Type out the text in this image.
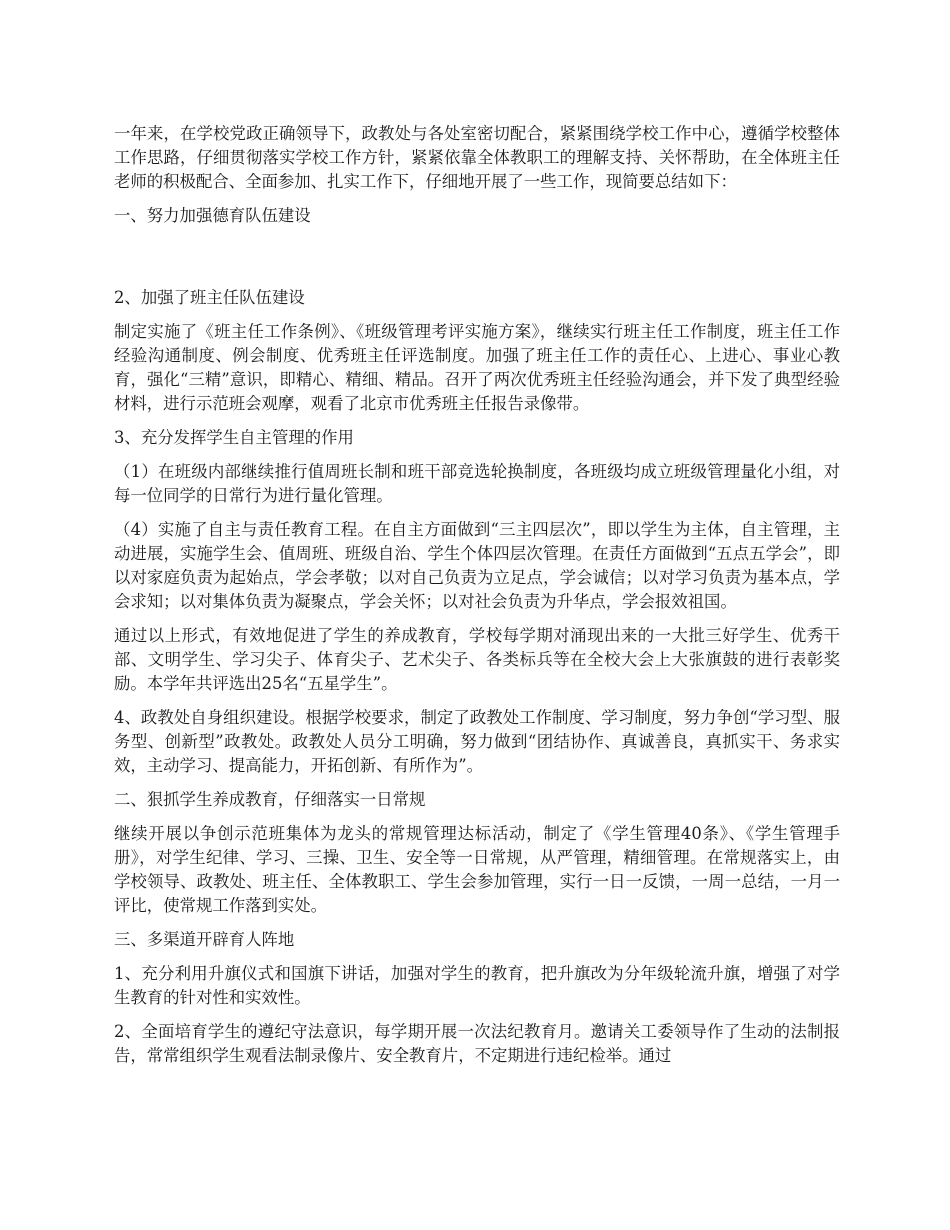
一年来，在学校党政正确领导下，政教处与各处室密切配合，紧紧围绕学校工作中心，遵循学校整体工作思路，仔细贯彻落实学校工作方针，紧紧依靠全体教职工的理解支持、关怀帮助，在全体班主任老师的积极配合、全面参加、扎实工作下，仔细地开展了一些工作，现简要总结如下：

一、努力加强德育队伍建设

2、加强了班主任队伍建设

制定实施了《班主任工作条例》、《班级管理考评实施方案》，继续实行班主任工作制度，班主任工作经验沟通制度、例会制度、优秀班主任评选制度。加强了班主任工作的责任心、上进心、事业心教育，强化“三精”意识，即精心、精细、精品。召开了两次优秀班主任经验沟通会，并下发了典型经验材料，进行示范班会观摩，观看了北京市优秀班主任报告录像带。

3、充分发挥学生自主管理的作用

（1）在班级内部继续推行值周班长制和班干部竞选轮换制度，各班级均成立班级管理量化小组，对每一位同学的日常行为进行量化管理。

（4）实施了自主与责任教育工程。在自主方面做到“三主四层次”，即以学生为主体，自主管理，主动进展，实施学生会、值周班、班级自治、学生个体四层次管理。在责任方面做到“五点五学会”，即以对家庭负责为起始点，学会孝敬；以对自己负责为立足点，学会诚信；以对学习负责为基本点，学会求知；以对集体负责为凝聚点，学会关怀；以对社会负责为升华点，学会报效祖国。

通过以上形式，有效地促进了学生的养成教育，学校每学期对涌现出来的一大批三好学生、优秀干部、文明学生、学习尖子、体育尖子、艺术尖子、各类标兵等在全校大会上大张旗鼓的进行表彰奖励。本学年共评选出25名“五星学生”。

4、政教处自身组织建设。根据学校要求，制定了政教处工作制度、学习制度，努力争创“学习型、服务型、创新型”政教处。政教处人员分工明确，努力做到“团结协作、真诚善良，真抓实干、务求实效，主动学习、提高能力，开拓创新、有所作为”。

二、狠抓学生养成教育，仔细落实一日常规

继续开展以争创示范班集体为龙头的常规管理达标活动，制定了《学生管理40条》、《学生管理手册》，对学生纪律、学习、三操、卫生、安全等一日常规，从严管理，精细管理。在常规落实上，由学校领导、政教处、班主任、全体教职工、学生会参加管理，实行一日一反馈，一周一总结，一月一评比，使常规工作落到实处。

三、多渠道开辟育人阵地

1、充分利用升旗仪式和国旗下讲话，加强对学生的教育，把升旗改为分年级轮流升旗，增强了对学生教育的针对性和实效性。

2、全面培育学生的遵纪守法意识，每学期开展一次法纪教育月。邀请关工委领导作了生动的法制报告，常常组织学生观看法制录像片、安全教育片，不定期进行违纪检举。通过
